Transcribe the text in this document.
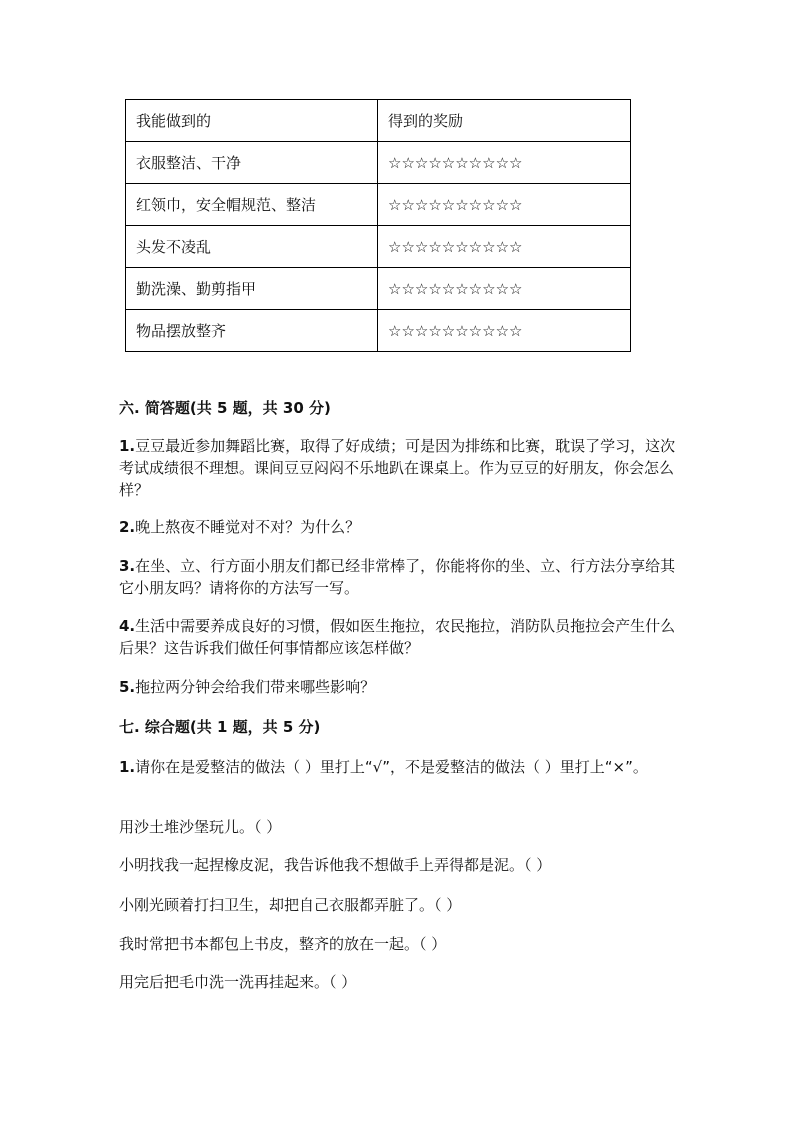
我能做到的	得到的奖励
衣服整洁、干净	☆☆☆☆☆☆☆☆☆☆
红领巾，安全帽规范、整洁	☆☆☆☆☆☆☆☆☆☆
头发不凌乱	☆☆☆☆☆☆☆☆☆☆
勤洗澡、勤剪指甲	☆☆☆☆☆☆☆☆☆☆
物品摆放整齐	☆☆☆☆☆☆☆☆☆☆
六. 简答题(共 5 题，共 30 分)

1.豆豆最近参加舞蹈比赛，取得了好成绩；可是因为排练和比赛，耽误了学习，这次考试成绩很不理想。课间豆豆闷闷不乐地趴在课桌上。作为豆豆的好朋友，你会怎么样？

2.晚上熬夜不睡觉对不对？为什么？

3.在坐、立、行方面小朋友们都已经非常棒了，你能将你的坐、立、行方法分享给其它小朋友吗？请将你的方法写一写。

4.生活中需要养成良好的习惯，假如医生拖拉，农民拖拉，消防队员拖拉会产生什么后果？这告诉我们做任何事情都应该怎样做？

5.拖拉两分钟会给我们带来哪些影响？

七. 综合题(共 1 题，共 5 分)

1.请你在是爱整洁的做法（ ）里打上“√”，不是爱整洁的做法（ ）里打上“×”。

用沙土堆沙堡玩儿。（ ）

小明找我一起捏橡皮泥，我告诉他我不想做手上弄得都是泥。（ ）

小刚光顾着打扫卫生，却把自己衣服都弄脏了。（ ）

我时常把书本都包上书皮，整齐的放在一起。（ ）

用完后把毛巾洗一洗再挂起来。（ ）
